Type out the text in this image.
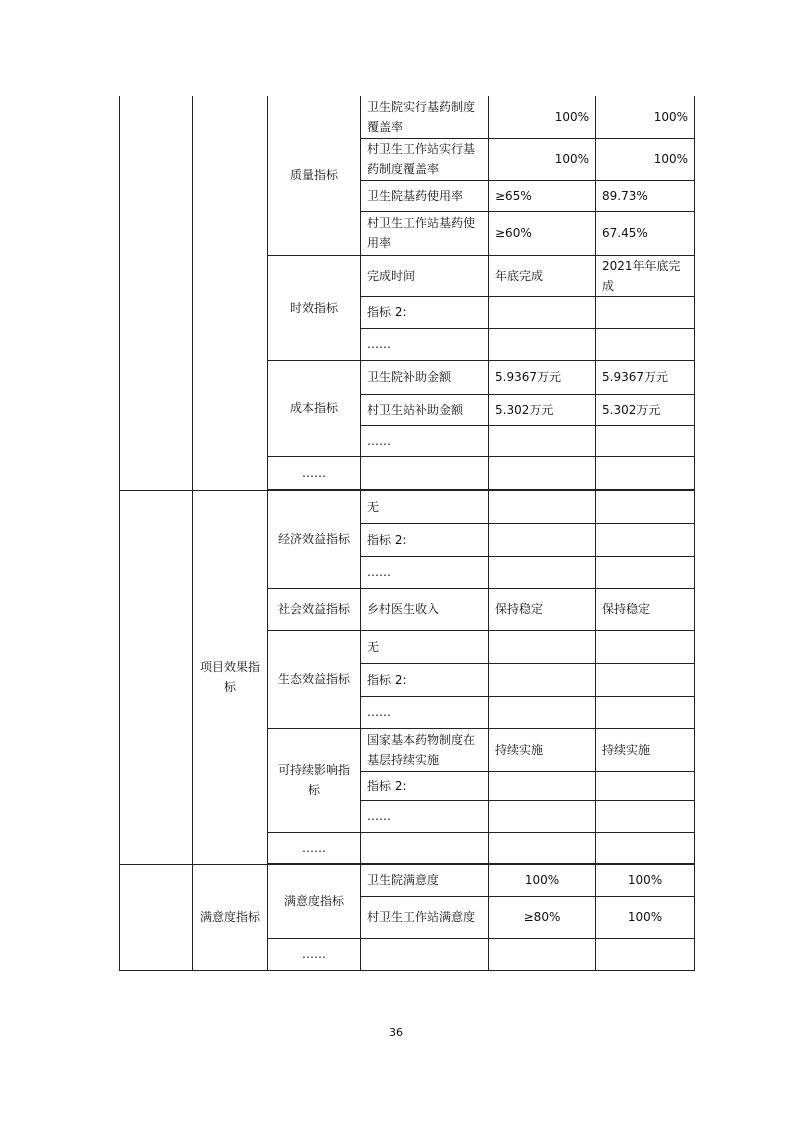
		质量指标	卫生院实行基药制度覆盖率	100%	100%
			村卫生工作站实行基药制度覆盖率	100%	100%
			卫生院基药使用率	≥65%	89.73%
			村卫生工作站基药使用率	≥60%	67.45%
		时效指标	完成时间	年底完成	2021年年底完成
			指标 2:		
			……		
		成本指标	卫生院补助金额	5.9367万元	5.9367万元
			村卫生站补助金额	5.302万元	5.302万元
			……		
		……			

	项目效果指标	经济效益指标	无		
			指标 2:		
			……		
		社会效益指标	乡村医生收入	保持稳定	保持稳定
		生态效益指标	无		
			指标 2:		
			……		
		可持续影响指标	国家基本药物制度在基层持续实施	持续实施	持续实施
			指标 2:		
			……		
		……			

	满意度指标	满意度指标	卫生院满意度	100%	100%
			村卫生工作站满意度	≥80%	100%
		……			
36
